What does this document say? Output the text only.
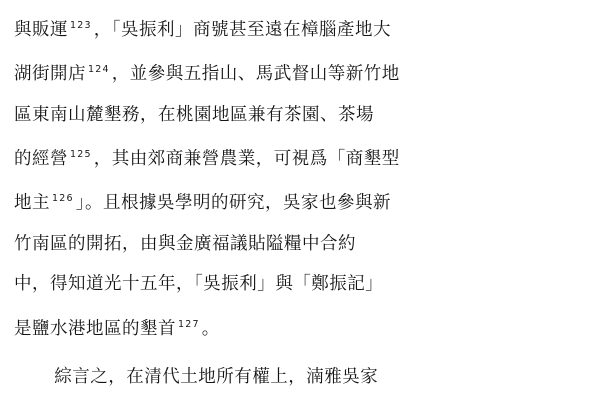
與販運 $^{123}$ ，「吳振利」商號甚至遠在樟腦產地大
湖街開店 $^{124}$ ，並參與五指山、馬武督山等新竹地
區東南山麓墾務，在桃園地區兼有茶園、茶場
的經營 $^{125}$ ，其由郊商兼營農業，可視爲「商墾型
地主 $^{126}$ 」。且根據吳學明的研究，吳家也參與新
竹南區的開拓，由與金廣福議貼隘糧中合約
中，得知道光十五年，「吳振利」與「鄭振記」
是鹽水港地區的墾首 $^{127}$ 。

綜言之，在清代土地所有權上，湳雅吳家
